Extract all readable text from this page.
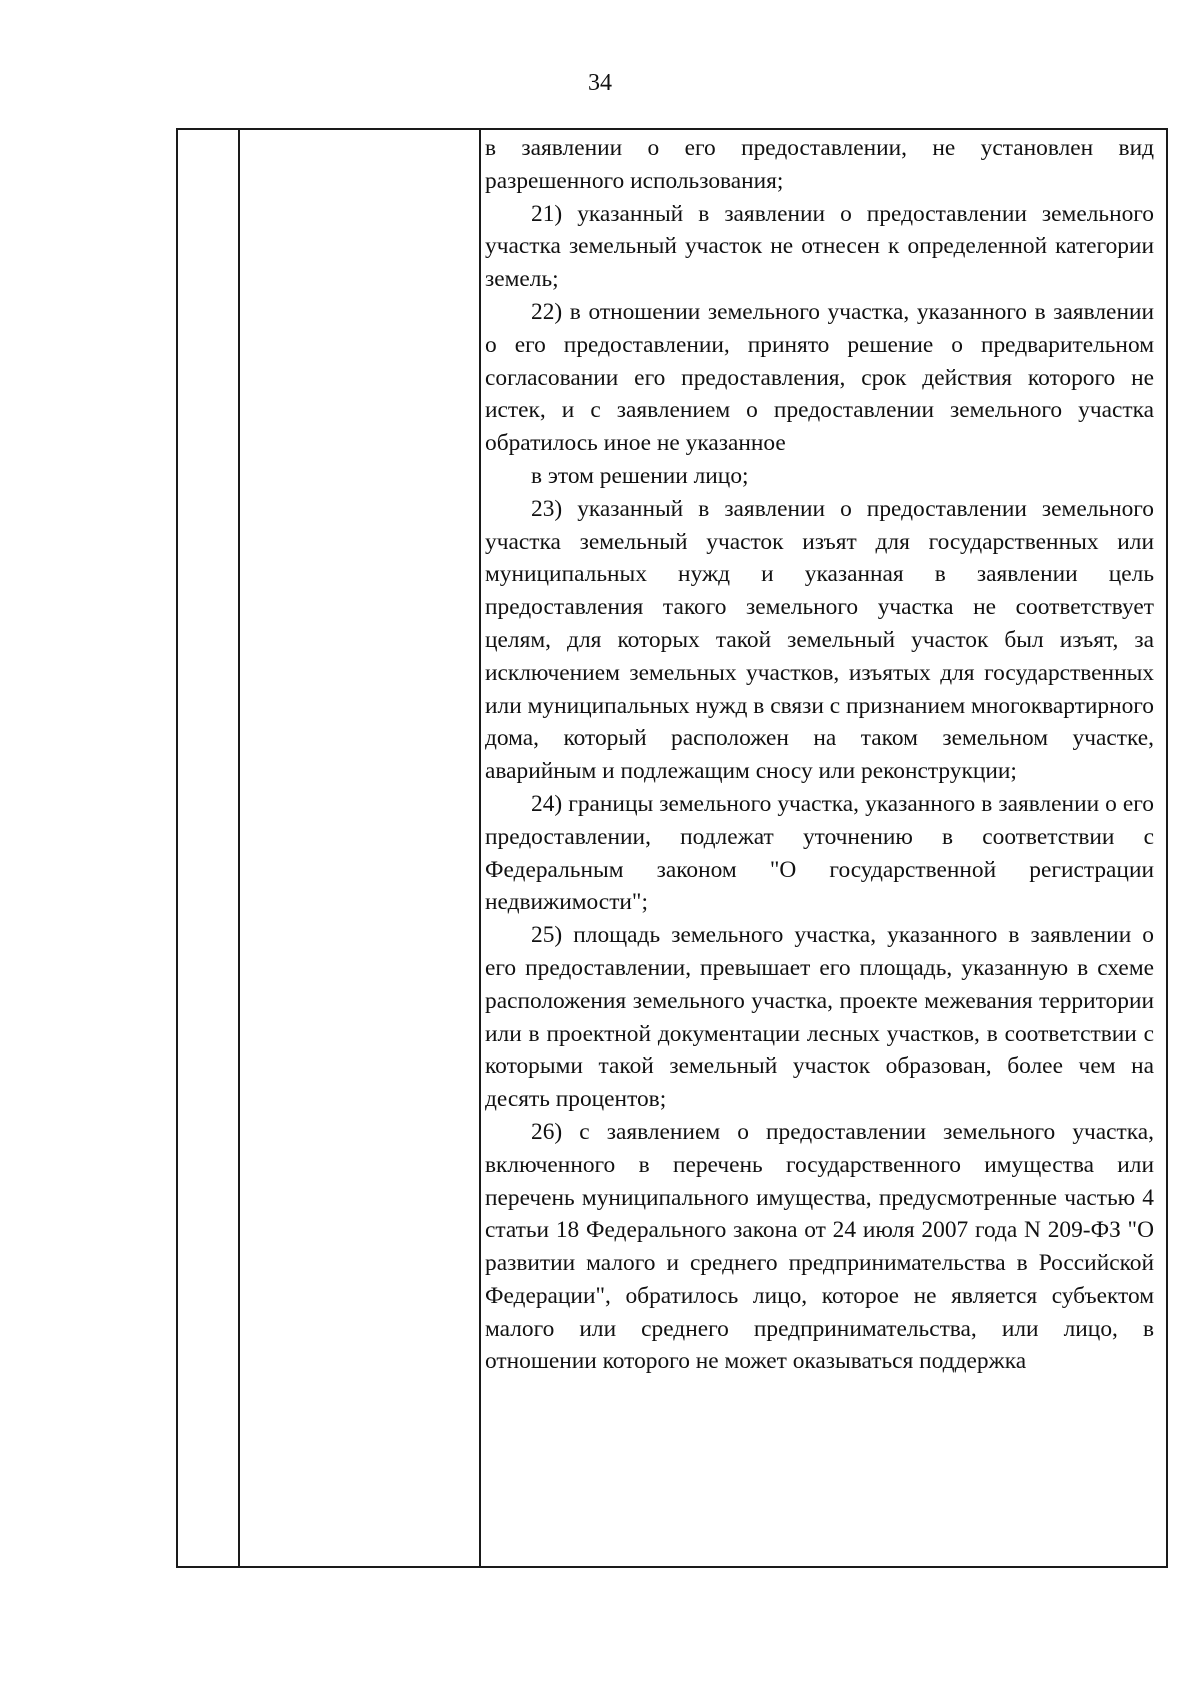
34

в заявлении о его предоставлении, не установлен вид разрешенного использования;

21) указанный в заявлении о предоставлении земельного участка земельный участок не отнесен к определенной категории земель;

22) в отношении земельного участка, указанного в заявлении о его предоставлении, принято решение о предварительном согласовании его предоставления, срок действия которого не истек, и с заявлением о предоставлении земельного участка обратилось иное не указанное

в этом решении лицо;

23) указанный в заявлении о предоставлении земельного участка земельный участок изъят для государственных или муниципальных нужд и указанная в заявлении цель предоставления такого земельного участка не соответствует целям, для которых такой земельный участок был изъят, за исключением земельных участков, изъятых для государственных или муниципальных нужд в связи с признанием многоквартирного дома, который расположен на таком земельном участке, аварийным и подлежащим сносу или реконструкции;

24) границы земельного участка, указанного в заявлении о его предоставлении, подлежат уточнению в соответствии с Федеральным законом "О государственной регистрации недвижимости";

25) площадь земельного участка, указанного в заявлении о его предоставлении, превышает его площадь, указанную в схеме расположения земельного участка, проекте межевания территории или в проектной документации лесных участков, в соответствии с которыми такой земельный участок образован, более чем на десять процентов;

26) с заявлением о предоставлении земельного участка, включенного в перечень государственного имущества или перечень муниципального имущества, предусмотренные частью 4 статьи 18 Федерального закона от 24 июля 2007 года N 209-ФЗ "О развитии малого и среднего предпринимательства в Российской Федерации", обратилось лицо, которое не является субъектом малого или среднего предпринимательства, или лицо, в отношении которого не может оказываться поддержка
